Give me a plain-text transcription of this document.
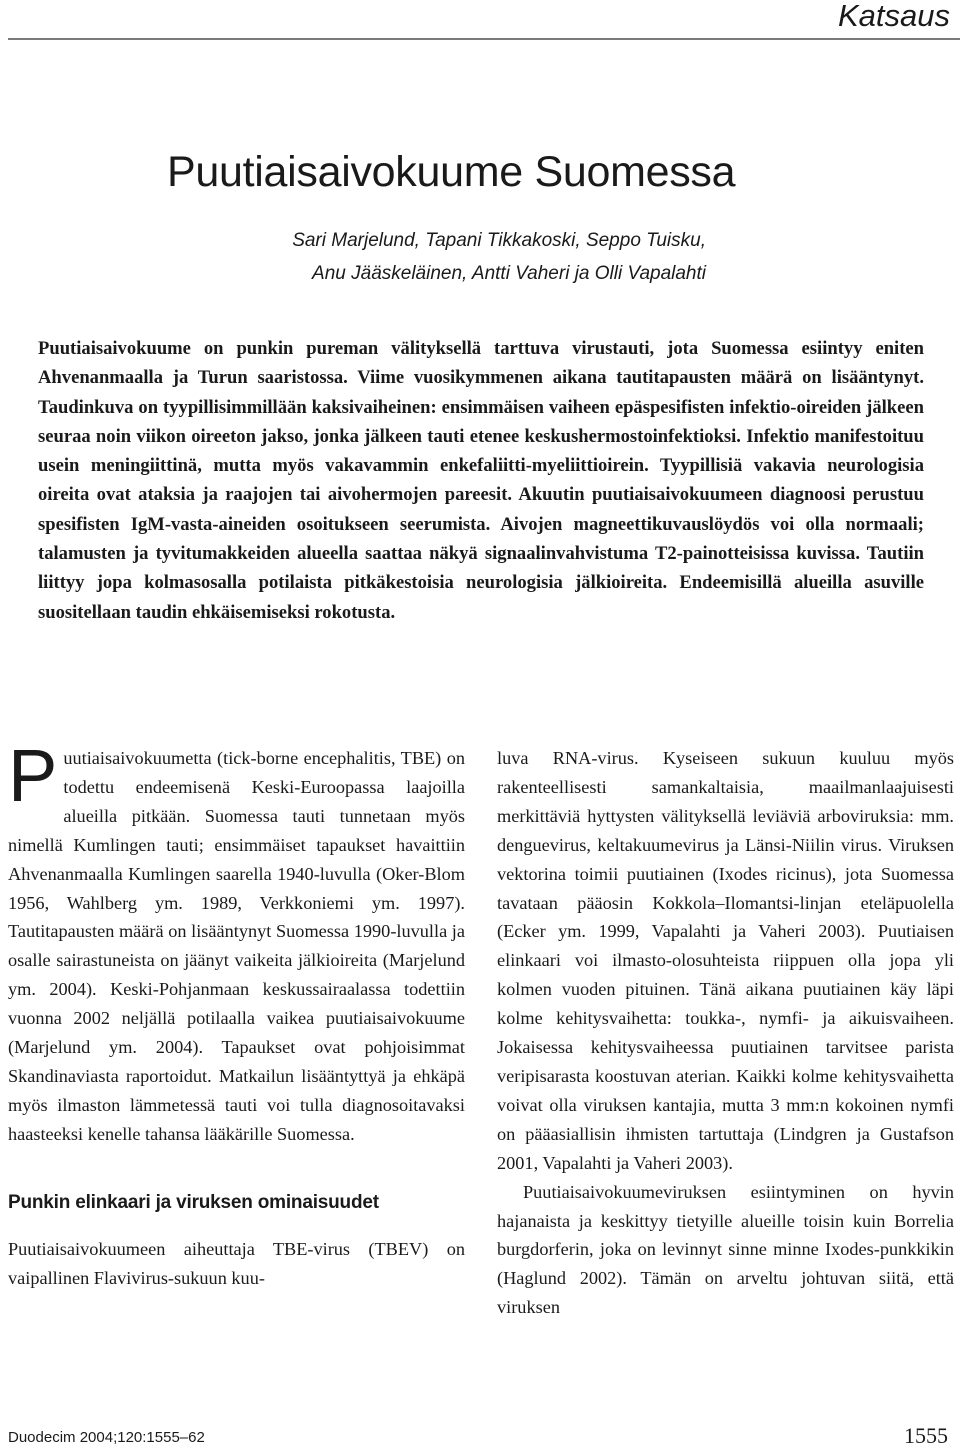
Katsaus
Puutiaisaivokuume Suomessa
Sari Marjelund, Tapani Tikkakoski, Seppo Tuisku,
Anu Jääskeläinen, Antti Vaheri ja Olli Vapalahti

Puutiaisaivokuume on punkin pureman välityksellä tarttuva virustauti, jota Suomessa esiintyy eniten Ahvenanmaalla ja Turun saaristossa. Viime vuosikymmenen aikana tautitapausten määrä on lisääntynyt. Taudinkuva on tyypillisimmillään kaksivaiheinen: ensimmäisen vaiheen epäspesifisten infektio-oireiden jälkeen seuraa noin viikon oireeton jakso, jonka jälkeen tauti etenee keskushermostoinfektioksi. Infektio manifestoituu usein meningiittinä, mutta myös vakavammin enkefaliitti-myeliittioirein. Tyypillisiä vakavia neurologisia oireita ovat ataksia ja raajojen tai aivohermojen pareesit. Akuutin puutiaisaivokuumeen diagnoosi perustuu spesifisten IgM-vasta-aineiden osoitukseen seerumista. Aivojen magneettikuvauslöydös voi olla normaali; talamusten ja tyvitumakkeiden alueella saattaa näkyä signaalinvahvistuma T2-painotteisissa kuvissa. Tautiin liittyy jopa kolmasosalla potilaista pitkäkestoisia neurologisia jälkioireita. Endeemisillä alueilla asuville suositellaan taudin ehkäisemiseksi rokotusta.

Puutiaisaivokuumetta (tick-borne encephalitis, TBE) on todettu endeemisenä Keski-Euroopassa laajoilla alueilla pitkään. Suomessa tauti tunnetaan myös nimellä Kumlingen tauti; ensimmäiset tapaukset havaittiin Ahvenanmaalla Kumlingen saarella 1940-luvulla (Oker-Blom 1956, Wahlberg ym. 1989, Verkkoniemi ym. 1997). Tautitapausten määrä on lisääntynyt Suomessa 1990-luvulla ja osalle sairastuneista on jäänyt vaikeita jälkioireita (Marjelund ym. 2004). Keski-Pohjanmaan keskussairaalassa todettiin vuonna 2002 neljällä potilaalla vaikea puutiaisaivokuume (Marjelund ym. 2004). Tapaukset ovat pohjoisimmat Skandinaviasta raportoidut. Matkailun lisääntyttyä ja ehkäpä myös ilmaston lämmetessä tauti voi tulla diagnosoitavaksi haasteeksi kenelle tahansa lääkärille Suomessa.

Punkin elinkaari ja viruksen ominaisuudet

Puutiaisaivokuumeen aiheuttaja TBE-virus (TBEV) on vaipallinen Flavivirus-sukuun kuu-

luva RNA-virus. Kyseiseen sukuun kuuluu myös rakenteellisesti samankaltaisia, maailmanlaajuisesti merkittäviä hyttysten välityksellä leviäviä arboviruksia: mm. denguevirus, keltakuumevirus ja Länsi-Niilin virus. Viruksen vektorina toimii puutiainen (Ixodes ricinus), jota Suomessa tavataan pääosin Kokkola–Ilomantsi-linjan eteläpuolella (Ecker ym. 1999, Vapalahti ja Vaheri 2003). Puutiaisen elinkaari voi ilmasto-olosuhteista riippuen olla jopa yli kolmen vuoden pituinen. Tänä aikana puutiainen käy läpi kolme kehitysvaihetta: toukka-, nymfi- ja aikuisvaiheen. Jokaisessa kehitysvaiheessa puutiainen tarvitsee parista veripisarasta koostuvan aterian. Kaikki kolme kehitysvaihetta voivat olla viruksen kantajia, mutta 3 mm:n kokoinen nymfi on pääasiallisin ihmisten tartuttaja (Lindgren ja Gustafson 2001, Vapalahti ja Vaheri 2003).

Puutiaisaivokuumeviruksen esiintyminen on hyvin hajanaista ja keskittyy tietyille alueille toisin kuin Borrelia burgdorferin, joka on levinnyt sinne minne Ixodes-punkkikin (Haglund 2002). Tämän on arveltu johtuvan siitä, että viruksen

Duodecim 2004;120:1555–62	1555
